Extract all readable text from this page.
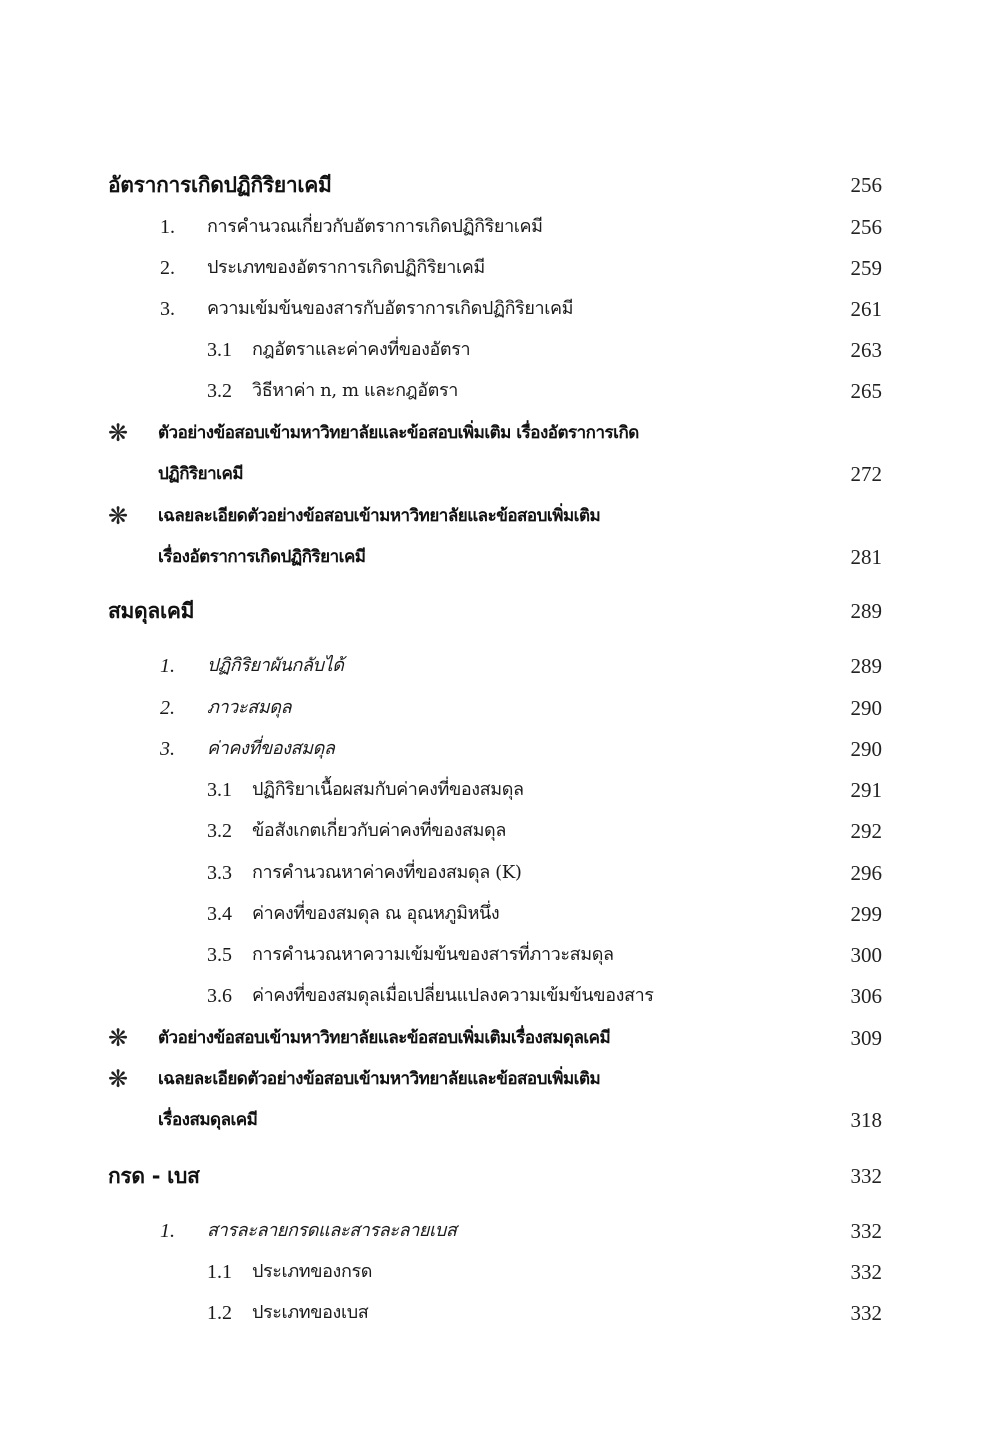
อัตราการเกิดปฏิกิริยาเคมี	256
1. การคำนวณเกี่ยวกับอัตราการเกิดปฏิกิริยาเคมี	256
2. ประเภทของอัตราการเกิดปฏิกิริยาเคมี	259
3. ความเข้มข้นของสารกับอัตราการเกิดปฏิกิริยาเคมี	261
3.1 กฎอัตราและค่าคงที่ของอัตรา	263
3.2 วิธีหาค่า n, m และกฎอัตรา	265
❋ ตัวอย่างข้อสอบเข้ามหาวิทยาลัยและข้อสอบเพิ่มเติม เรื่องอัตราการเกิด
ปฏิกิริยาเคมี	272
❋ เฉลยละเอียดตัวอย่างข้อสอบเข้ามหาวิทยาลัยและข้อสอบเพิ่มเติม
เรื่องอัตราการเกิดปฏิกิริยาเคมี	281
สมดุลเคมี	289
1. ปฏิกิริยาผันกลับได้	289
2. ภาวะสมดุล	290
3. ค่าคงที่ของสมดุล	290
3.1 ปฏิกิริยาเนื้อผสมกับค่าคงที่ของสมดุล	291
3.2 ข้อสังเกตเกี่ยวกับค่าคงที่ของสมดุล	292
3.3 การคำนวณหาค่าคงที่ของสมดุล (K)	296
3.4 ค่าคงที่ของสมดุล ณ อุณหภูมิหนึ่ง	299
3.5 การคำนวณหาความเข้มข้นของสารที่ภาวะสมดุล	300
3.6 ค่าคงที่ของสมดุลเมื่อเปลี่ยนแปลงความเข้มข้นของสาร	306
❋ ตัวอย่างข้อสอบเข้ามหาวิทยาลัยและข้อสอบเพิ่มเติมเรื่องสมดุลเคมี	309
❋ เฉลยละเอียดตัวอย่างข้อสอบเข้ามหาวิทยาลัยและข้อสอบเพิ่มเติม
เรื่องสมดุลเคมี	318
กรด - เบส	332
1. สารละลายกรดและสารละลายเบส	332
1.1 ประเภทของกรด	332
1.2 ประเภทของเบส	332
